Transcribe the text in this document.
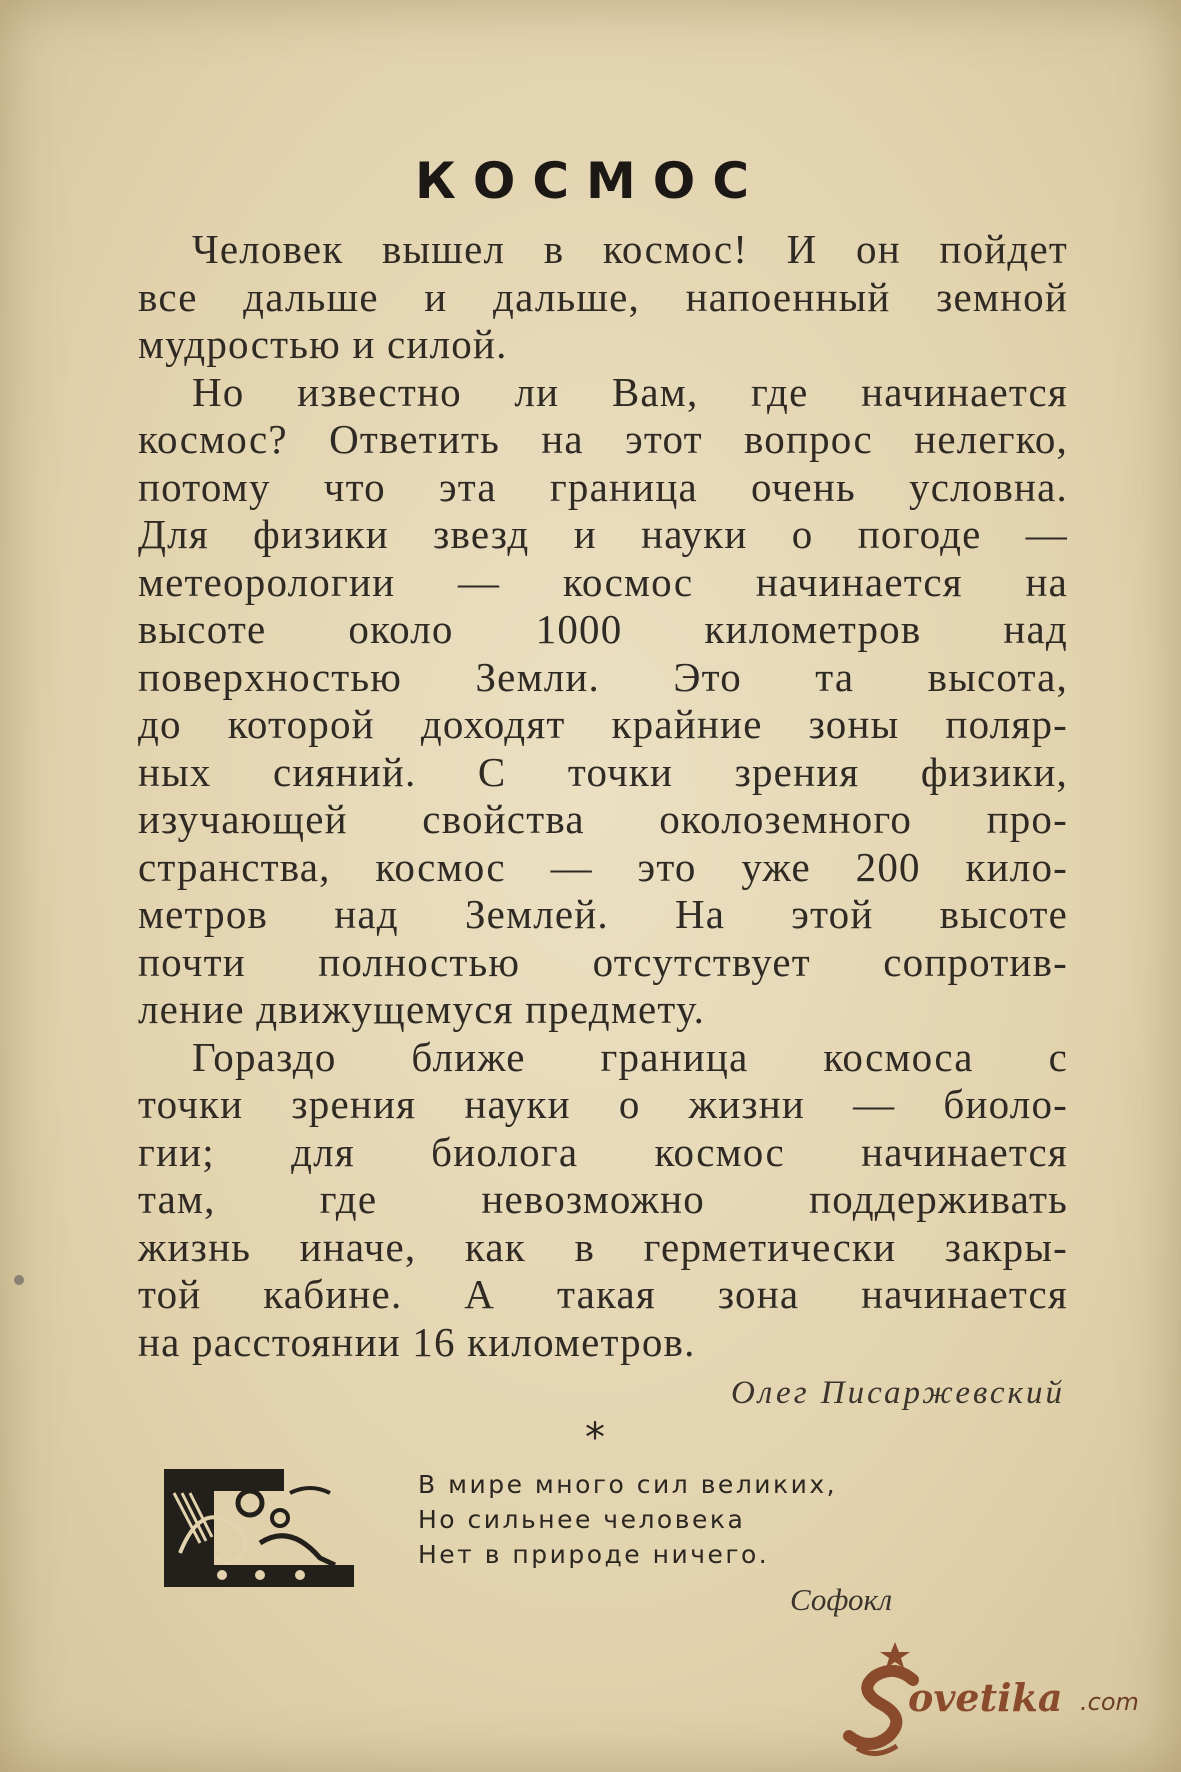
КОСМОС
Человек вышел в космос! И он пойдет
все дальше и дальше, напоенный земной
мудростью и силой.
Но известно ли Вам, где начинается
космос? Ответить на этот вопрос нелегко,
потому что эта граница очень условна.
Для физики звезд и науки о погоде —
метеорологии — космос начинается на
высоте около 1000 километров над
поверхностью Земли. Это та высота,
до которой доходят крайние зоны поляр-
ных сияний. С точки зрения физики,
изучающей свойства околоземного про-
странства, космос — это уже 200 кило-
метров над Землей. На этой высоте
почти полностью отсутствует сопротив-
ление движущемуся предмету.
Гораздо ближе граница космоса с
точки зрения науки о жизни — биоло-
гии; для биолога космос начинается
там, где невозможно поддерживать
жизнь иначе, как в герметически закры-
той кабине. А такая зона начинается
на расстоянии 16 километров.
Олег Писаржевский
*
В мире много сил великих,
Но сильнее человека
Нет в природе ничего.
Софокл
ovetika .com
